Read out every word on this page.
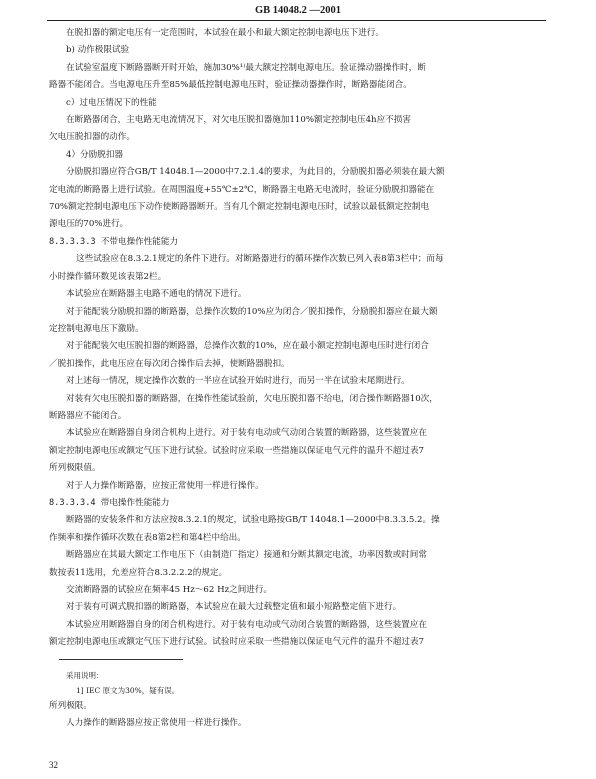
GB 14048.2 —2001

在脱扣器的额定电压有一定范围时，本试验在最小和最大额定控制电源电压下进行。

b) 动作极限试验

在试验室温度下断路器断开时开始，施加30%¹⁾最大额定控制电源电压。验证操动器操作时，断

路器不能闭合。当电源电压升至85%最低控制电源电压时，验证操动器操作时，断路器能闭合。

c）过电压情况下的性能

在断路器闭合，主电路无电流情况下，对欠电压脱扣器施加110%额定控制电压4h应不损害

欠电压脱扣器的动作。

4）分励脱扣器

分励脱扣器应符合GB/T 14048.1—2000中7.2.1.4的要求，为此目的，分励脱扣器必须装在最大额

定电流的断路器上进行试验。在周围温度+55℃±2℃，断路器主电路无电流时，验证分励脱扣器能在

70%额定控制电源电压下动作使断路器断开。当有几个额定控制电源电压时，试验以最低额定控制电

源电压的70%进行。

8.3.3.3.3 不带电操作性能能力

这些试验应在8.3.2.1规定的条件下进行。对断路器进行的循环操作次数已列入表8第3栏中；而每

小时操作循环数见该表第2栏。

本试验应在断路器主电路不通电的情况下进行。

对于能配装分励脱扣器的断路器，总操作次数的10%应为闭合／脱扣操作，分励脱扣器应在最大额

定控制电源电压下激励。

对于能配装欠电压脱扣器的断路器，总操作次数的10%，应在最小额定控制电源电压时进行闭合

／脱扣操作，此电压应在每次闭合操作后去掉，使断路器脱扣。

对上述每一情况，规定操作次数的一半应在试验开始时进行，而另一半在试验末尾期进行。

对装有欠电压脱扣器的断路器，在操作性能试验前，欠电压脱扣器不给电，闭合操作断路器10次，

断路器应不能闭合。

本试验应在断路器自身闭合机构上进行。对于装有电动或气动闭合装置的断路器，这些装置应在

额定控制电源电压或额定气压下进行试验。试验时应采取一些措施以保证电气元件的温升不超过表7

所列极限值。

对于人力操作断路器，应按正常使用一样进行操作。

8.3.3.3.4 带电操作性能能力

断路器的安装条件和方法应按8.3.2.1的规定，试验电路按GB/T 14048.1—2000中8.3.3.5.2。操

作频率和操作循环次数在表8第2栏和第4栏中给出。

断路器应在其最大额定工作电压下（由制造厂指定）接通和分断其额定电流，功率因数或时间常

数按表11选用，允差应符合8.3.2.2.2的规定。

交流断路器的试验应在频率45 Hz～62 Hz之间进行。

对于装有可调式脱扣器的断路器，本试验应在最大过载整定值和最小短路整定值下进行。

本试验应用断路器自身的闭合机构进行。对于装有电动或气动闭合装置的断路器，这些装置应在

额定控制电源电压或额定气压下进行试验。试验时应采取一些措施以保证电气元件的温升不超过表7

采用说明：

1] IEC 原文为30%，疑有误。

所列极限。

人力操作的断路器应按正常使用一样进行操作。

32
